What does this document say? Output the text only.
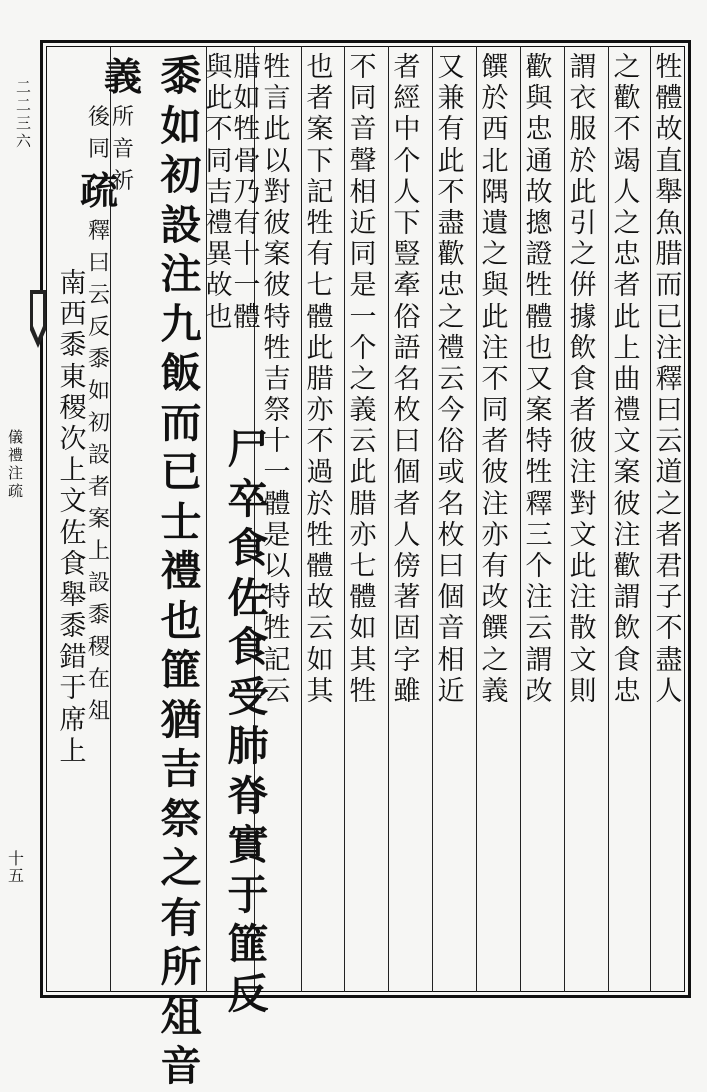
牲
體
故
直
舉
魚
腊
而
已
注
釋
曰
云
道
之
者
君
子
不
盡
人
之
歡
不
竭
人
之
忠
者
此
上
曲
禮
文
案
彼
注
歡
謂
飲
食
忠
謂
衣
服
於
此
引
之
倂
據
飲
食
者
彼
注
對
文
此
注
散
文
則
歡
與
忠
通
故
摠
證
牲
體
也
又
案
特
牲
釋
三
个
注
云
謂
改
饌
於
西
北
隅
遺
之
與
此
注
不
同
者
彼
注
亦
有
改
饌
之
義
又
兼
有
此
不
盡
歡
忠
之
禮
云
今
俗
或
名
枚
曰
個
音
相
近
者
經
中
个
人
下
豎
牽
俗
語
名
枚
曰
個
者
人
傍
著
固
字
雖
不
同
音
聲
相
近
同
是
一
个
之
義
云
此
腊
亦
七
體
如
其
牲
也
者
案
下
記
牲
有
七
體
此
腊
亦
不
過
於
牲
體
故
云
如
其
牲
言
此
以
對
彼
案
彼
特
牲
吉
祭
十
一
體
是
以
特
牲
記
云
腊
如
牲
骨
乃
有
十
一
體
與
此
不
同
吉
禮
異
故
也
尸
卒
食
佐
食
受
肺
脊
實
于
篚
反
黍
如
初
設
注
九
飯
而
已
士
禮
也
篚
猶
吉
祭
之
有
所
俎
音
義
所
音
祈
後
同
疏
釋
曰
云
反
黍
如
初
設
者
案
上
設
黍
稷
在
俎
南
西
黍
東
稷
次
上
文
佐
食
舉
黍
錯
于
席
上
二
二
三
六
儀
禮
注
疏
十
五
